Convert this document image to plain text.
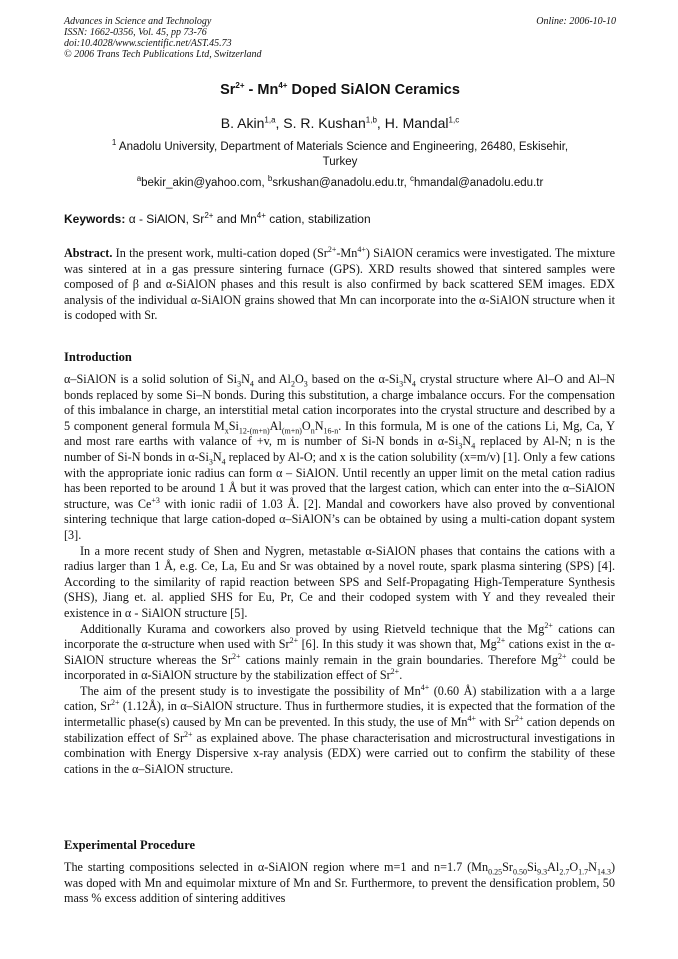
Advances in Science and Technology
ISSN: 1662-0356, Vol. 45, pp 73-76
doi:10.4028/www.scientific.net/AST.45.73
© 2006 Trans Tech Publications Ltd, Switzerland
Online: 2006-10-10
$Sr^{2+} - Mn^{4+}$ Doped SiAlON Ceramics
B. Akin$^{1,a}$, S. R. Kushan$^{1,b}$, H. Mandal$^{1,c}$
$^1$ Anadolu University, Department of Materials Science and Engineering, 26480, Eskisehir, Turkey
$^a$bekir_akin@yahoo.com, $^b$srkushan@anadolu.edu.tr, $^c$hmandal@anadolu.edu.tr
Keywords: α - SiAlON, $Sr^{2+}$ and $Mn^{4+}$ cation, stabilization

Abstract. In the present work, multi-cation doped $(Sr^{2+}-Mn^{4+})$ SiAlON ceramics were investigated. The mixture was sintered at in a gas pressure sintering furnace (GPS). XRD results showed that sintered samples were composed of β and α-SiAlON phases and this result is also confirmed by back scattered SEM images. EDX analysis of the individual α-SiAlON grains showed that Mn can incorporate into the α-SiAlON structure when it is codoped with Sr.

Introduction

α–SiAlON is a solid solution of $Si_3N_4$ and $Al_2O_3$ based on the $\alpha-Si_3N_4$ crystal structure where Al–O and Al–N bonds replaced by some Si–N bonds. During this substitution, a charge imbalance occurs. For the compensation of this imbalance in charge, an interstitial metal cation incorporates into the crystal structure and described by a 5 component general formula $M_xSi_{12-(m+n)}Al_{(m+n)}O_nN_{16-n}$. In this formula, M is one of the cations Li, Mg, Ca, Y and most rare earths with valance of +v, m is number of Si-N bonds in $\alpha-Si_3N_4$ replaced by Al-N; n is the number of Si-N bonds in $\alpha-Si_3N_4$ replaced by Al-O; and x is the cation solubility (x=m/v) [1]. Only a few cations with the appropriate ionic radius can form α – SiAlON. Until recently an upper limit on the metal cation radius has been reported to be around 1 Å but it was proved that the largest cation, which can enter into the α–SiAlON structure, was $Ce^{+3}$ with ionic radii of 1.03 Å. [2]. Mandal and coworkers have also proved by conventional sintering technique that large cation-doped α–SiAlON’s can be obtained by using a multi-cation dopant system [3].

In a more recent study of Shen and Nygren, metastable α-SiAlON phases that contains the cations with a radius larger than 1 Å, e.g. Ce, La, Eu and Sr was obtained by a novel route, spark plasma sintering (SPS) [4]. According to the similarity of rapid reaction between SPS and Self-Propagating High-Temperature Synthesis (SHS), Jiang et. al. applied SHS for Eu, Pr, Ce and their codoped system with Y and they revealed their existence in α - SiAlON structure [5].

Additionally Kurama and coworkers also proved by using Rietveld technique that the $Mg^{2+}$ cations can incorporate the α-structure when used with $Sr^{2+}$ [6]. In this study it was shown that, $Mg^{2+}$ cations exist in the α-SiAlON structure whereas the $Sr^{2+}$ cations mainly remain in the grain boundaries. Therefore $Mg^{2+}$ could be incorporated in α-SiAlON structure by the stabilization effect of $Sr^{2+}$.

The aim of the present study is to investigate the possibility of $Mn^{4+}$ (0.60 Å) stabilization with a a large cation, $Sr^{2+}$ (1.12Å), in α–SiAlON structure. Thus in furthermore studies, it is expected that the formation of the intermetallic phase(s) caused by Mn can be prevented. In this study, the use of $Mn^{4+}$ with $Sr^{2+}$ cation depends on stabilization effect of $Sr^{2+}$ as explained above. The phase characterisation and microstructural investigations in combination with Energy Dispersive x-ray analysis (EDX) were carried out to confirm the stability of these cations in the α–SiAlON structure.

Experimental Procedure

The starting compositions selected in α-SiAlON region where m=1 and n=1.7 $(Mn_{0.25}Sr_{0.50}Si_{9.3}Al_{2.7}O_{1.7}N_{14.3})$ was doped with Mn and equimolar mixture of Mn and Sr. Furthermore, to prevent the densification problem, 50 mass % excess addition of sintering additives
